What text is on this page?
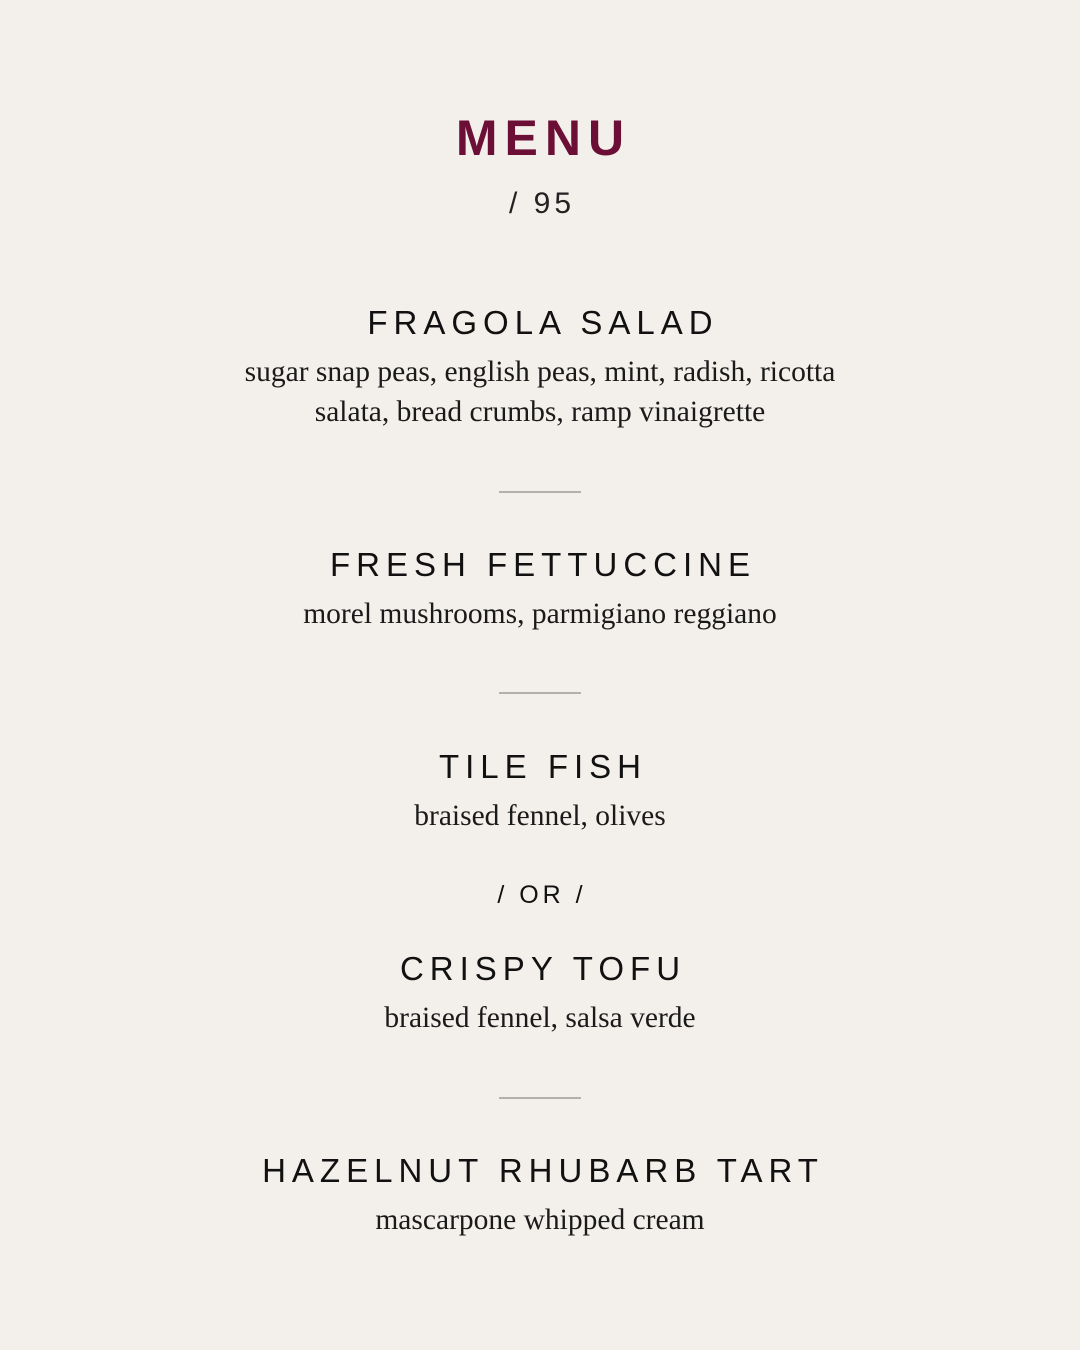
MENU
/ 95
FRAGOLA SALAD
sugar snap peas, english peas, mint, radish, ricotta
salata, bread crumbs, ramp vinaigrette
FRESH FETTUCCINE
morel mushrooms, parmigiano reggiano
TILE FISH
braised fennel, olives
/ OR /
CRISPY TOFU
braised fennel, salsa verde
HAZELNUT RHUBARB TART
mascarpone whipped cream
